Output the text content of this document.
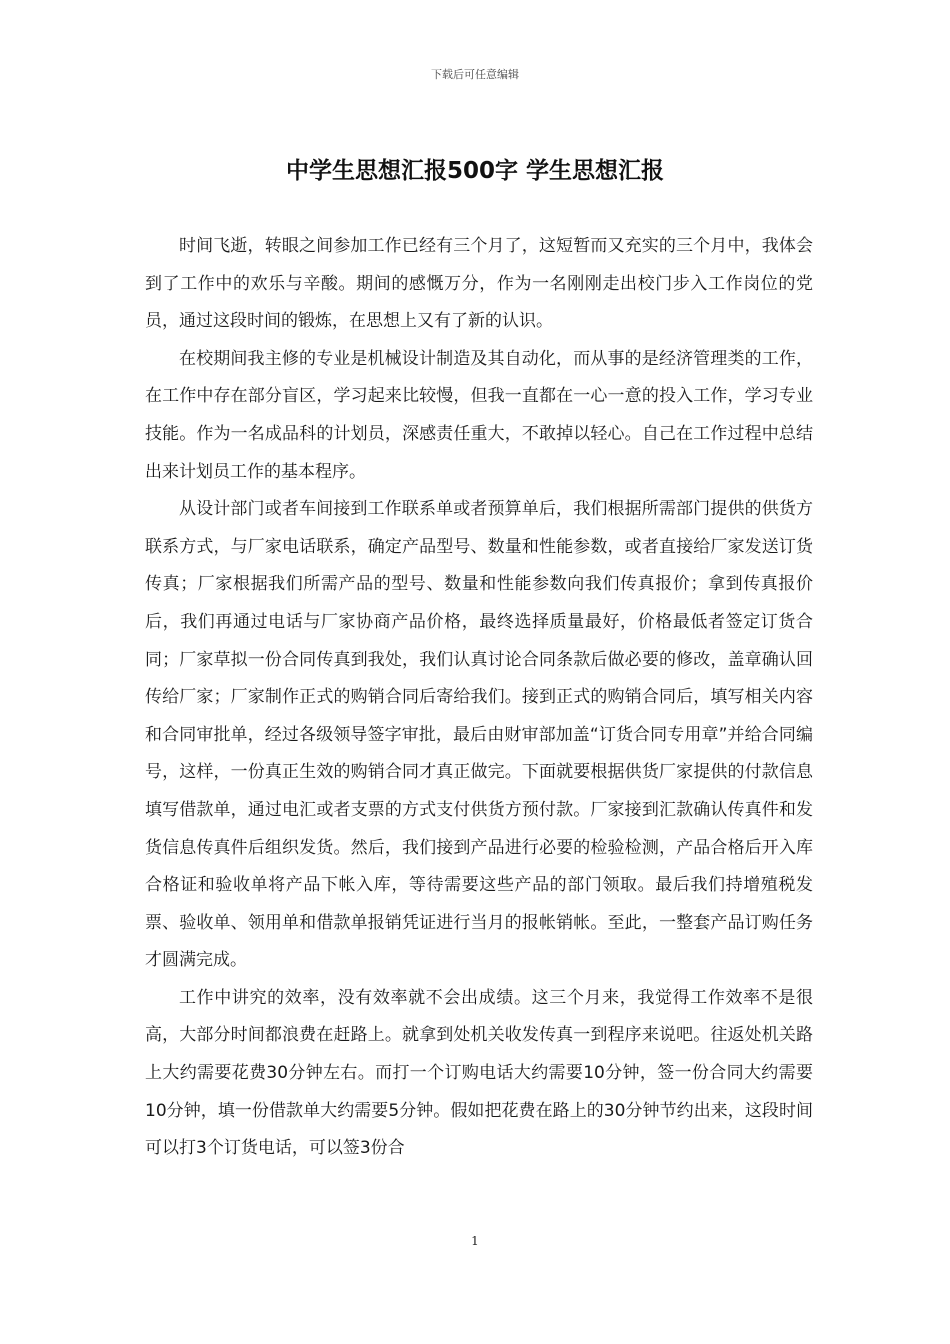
下载后可任意编辑
中学生思想汇报500字 学生思想汇报

时间飞逝，转眼之间参加工作已经有三个月了，这短暂而又充实的三个月中，我体会到了工作中的欢乐与辛酸。期间的感慨万分，作为一名刚刚走出校门步入工作岗位的党员，通过这段时间的锻炼，在思想上又有了新的认识。

在校期间我主修的专业是机械设计制造及其自动化，而从事的是经济管理类的工作，在工作中存在部分盲区，学习起来比较慢，但我一直都在一心一意的投入工作，学习专业技能。作为一名成品科的计划员，深感责任重大，不敢掉以轻心。自己在工作过程中总结出来计划员工作的基本程序。

从设计部门或者车间接到工作联系单或者预算单后，我们根据所需部门提供的供货方联系方式，与厂家电话联系，确定产品型号、数量和性能参数，或者直接给厂家发送订货传真；厂家根据我们所需产品的型号、数量和性能参数向我们传真报价；拿到传真报价后，我们再通过电话与厂家协商产品价格，最终选择质量最好，价格最低者签定订货合同；厂家草拟一份合同传真到我处，我们认真讨论合同条款后做必要的修改，盖章确认回传给厂家；厂家制作正式的购销合同后寄给我们。接到正式的购销合同后，填写相关内容和合同审批单，经过各级领导签字审批，最后由财审部加盖“订货合同专用章”并给合同编号，这样，一份真正生效的购销合同才真正做完。下面就要根据供货厂家提供的付款信息填写借款单，通过电汇或者支票的方式支付供货方预付款。厂家接到汇款确认传真件和发货信息传真件后组织发货。然后，我们接到产品进行必要的检验检测，产品合格后开入库合格证和验收单将产品下帐入库，等待需要这些产品的部门领取。最后我们持增殖税发票、验收单、领用单和借款单报销凭证进行当月的报帐销帐。至此，一整套产品订购任务才圆满完成。

工作中讲究的效率，没有效率就不会出成绩。这三个月来，我觉得工作效率不是很高，大部分时间都浪费在赶路上。就拿到处机关收发传真一到程序来说吧。往返处机关路上大约需要花费30分钟左右。而打一个订购电话大约需要10分钟，签一份合同大约需要10分钟，填一份借款单大约需要5分钟。假如把花费在路上的30分钟节约出来，这段时间可以打3个订货电话，可以签3份合

1
